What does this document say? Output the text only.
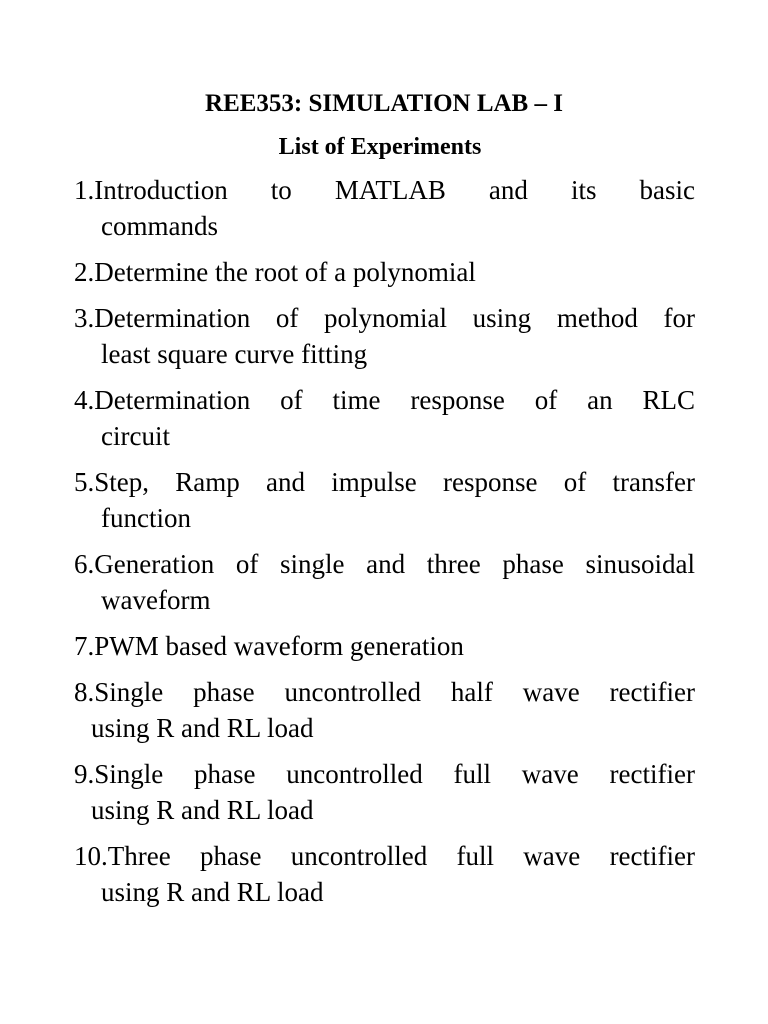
REE353: SIMULATION LAB – I
List of Experiments
1.Introduction to MATLAB and its basic
commands
2.Determine the root of a polynomial
3.Determination of polynomial using method for
least square curve fitting
4.Determination of time response of an RLC
circuit
5.Step, Ramp and impulse response of transfer
function
6.Generation of single and three phase sinusoidal
waveform
7.PWM based waveform generation
8.Single phase uncontrolled half wave rectifier
using R and RL load
9.Single phase uncontrolled full wave rectifier
using R and RL load
10.Three phase uncontrolled full wave rectifier
using R and RL load
